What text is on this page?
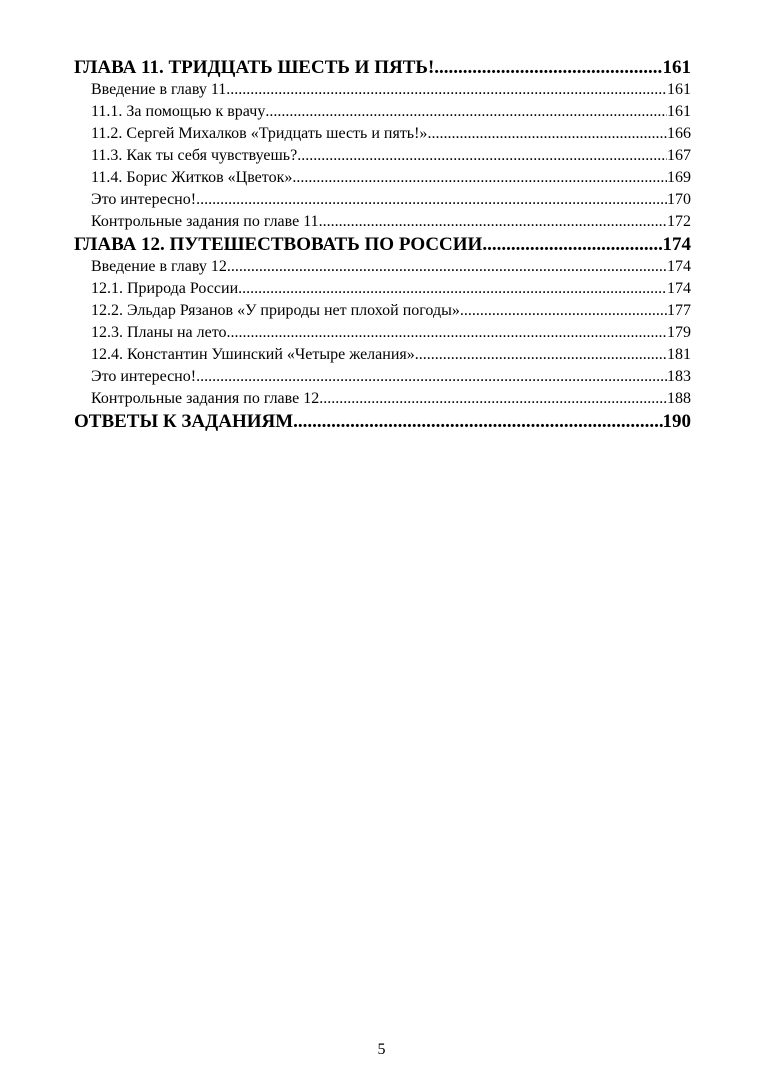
ГЛАВА 11. ТРИДЦАТЬ ШЕСТЬ И ПЯТЬ! .....	161
Введение в главу 11 .....	161
11.1. За помощью к врачу .....	161
11.2. Сергей Михалков «Тридцать шесть и пять!» .....	166
11.3. Как ты себя чувствуешь? .....	167
11.4. Борис Житков «Цветок» .....	169
Это интересно! .....	170
Контрольные задания по главе 11 .....	172
ГЛАВА 12. ПУТЕШЕСТВОВАТЬ ПО РОССИИ .....	174
Введение в главу 12 .....	174
12.1. Природа России .....	174
12.2. Эльдар Рязанов «У природы нет плохой погоды» .....	177
12.3. Планы на лето .....	179
12.4. Константин Ушинский «Четыре желания» .....	181
Это интересно! .....	183
Контрольные задания по главе 12 .....	188
ОТВЕТЫ К ЗАДАНИЯМ .....	190
5
